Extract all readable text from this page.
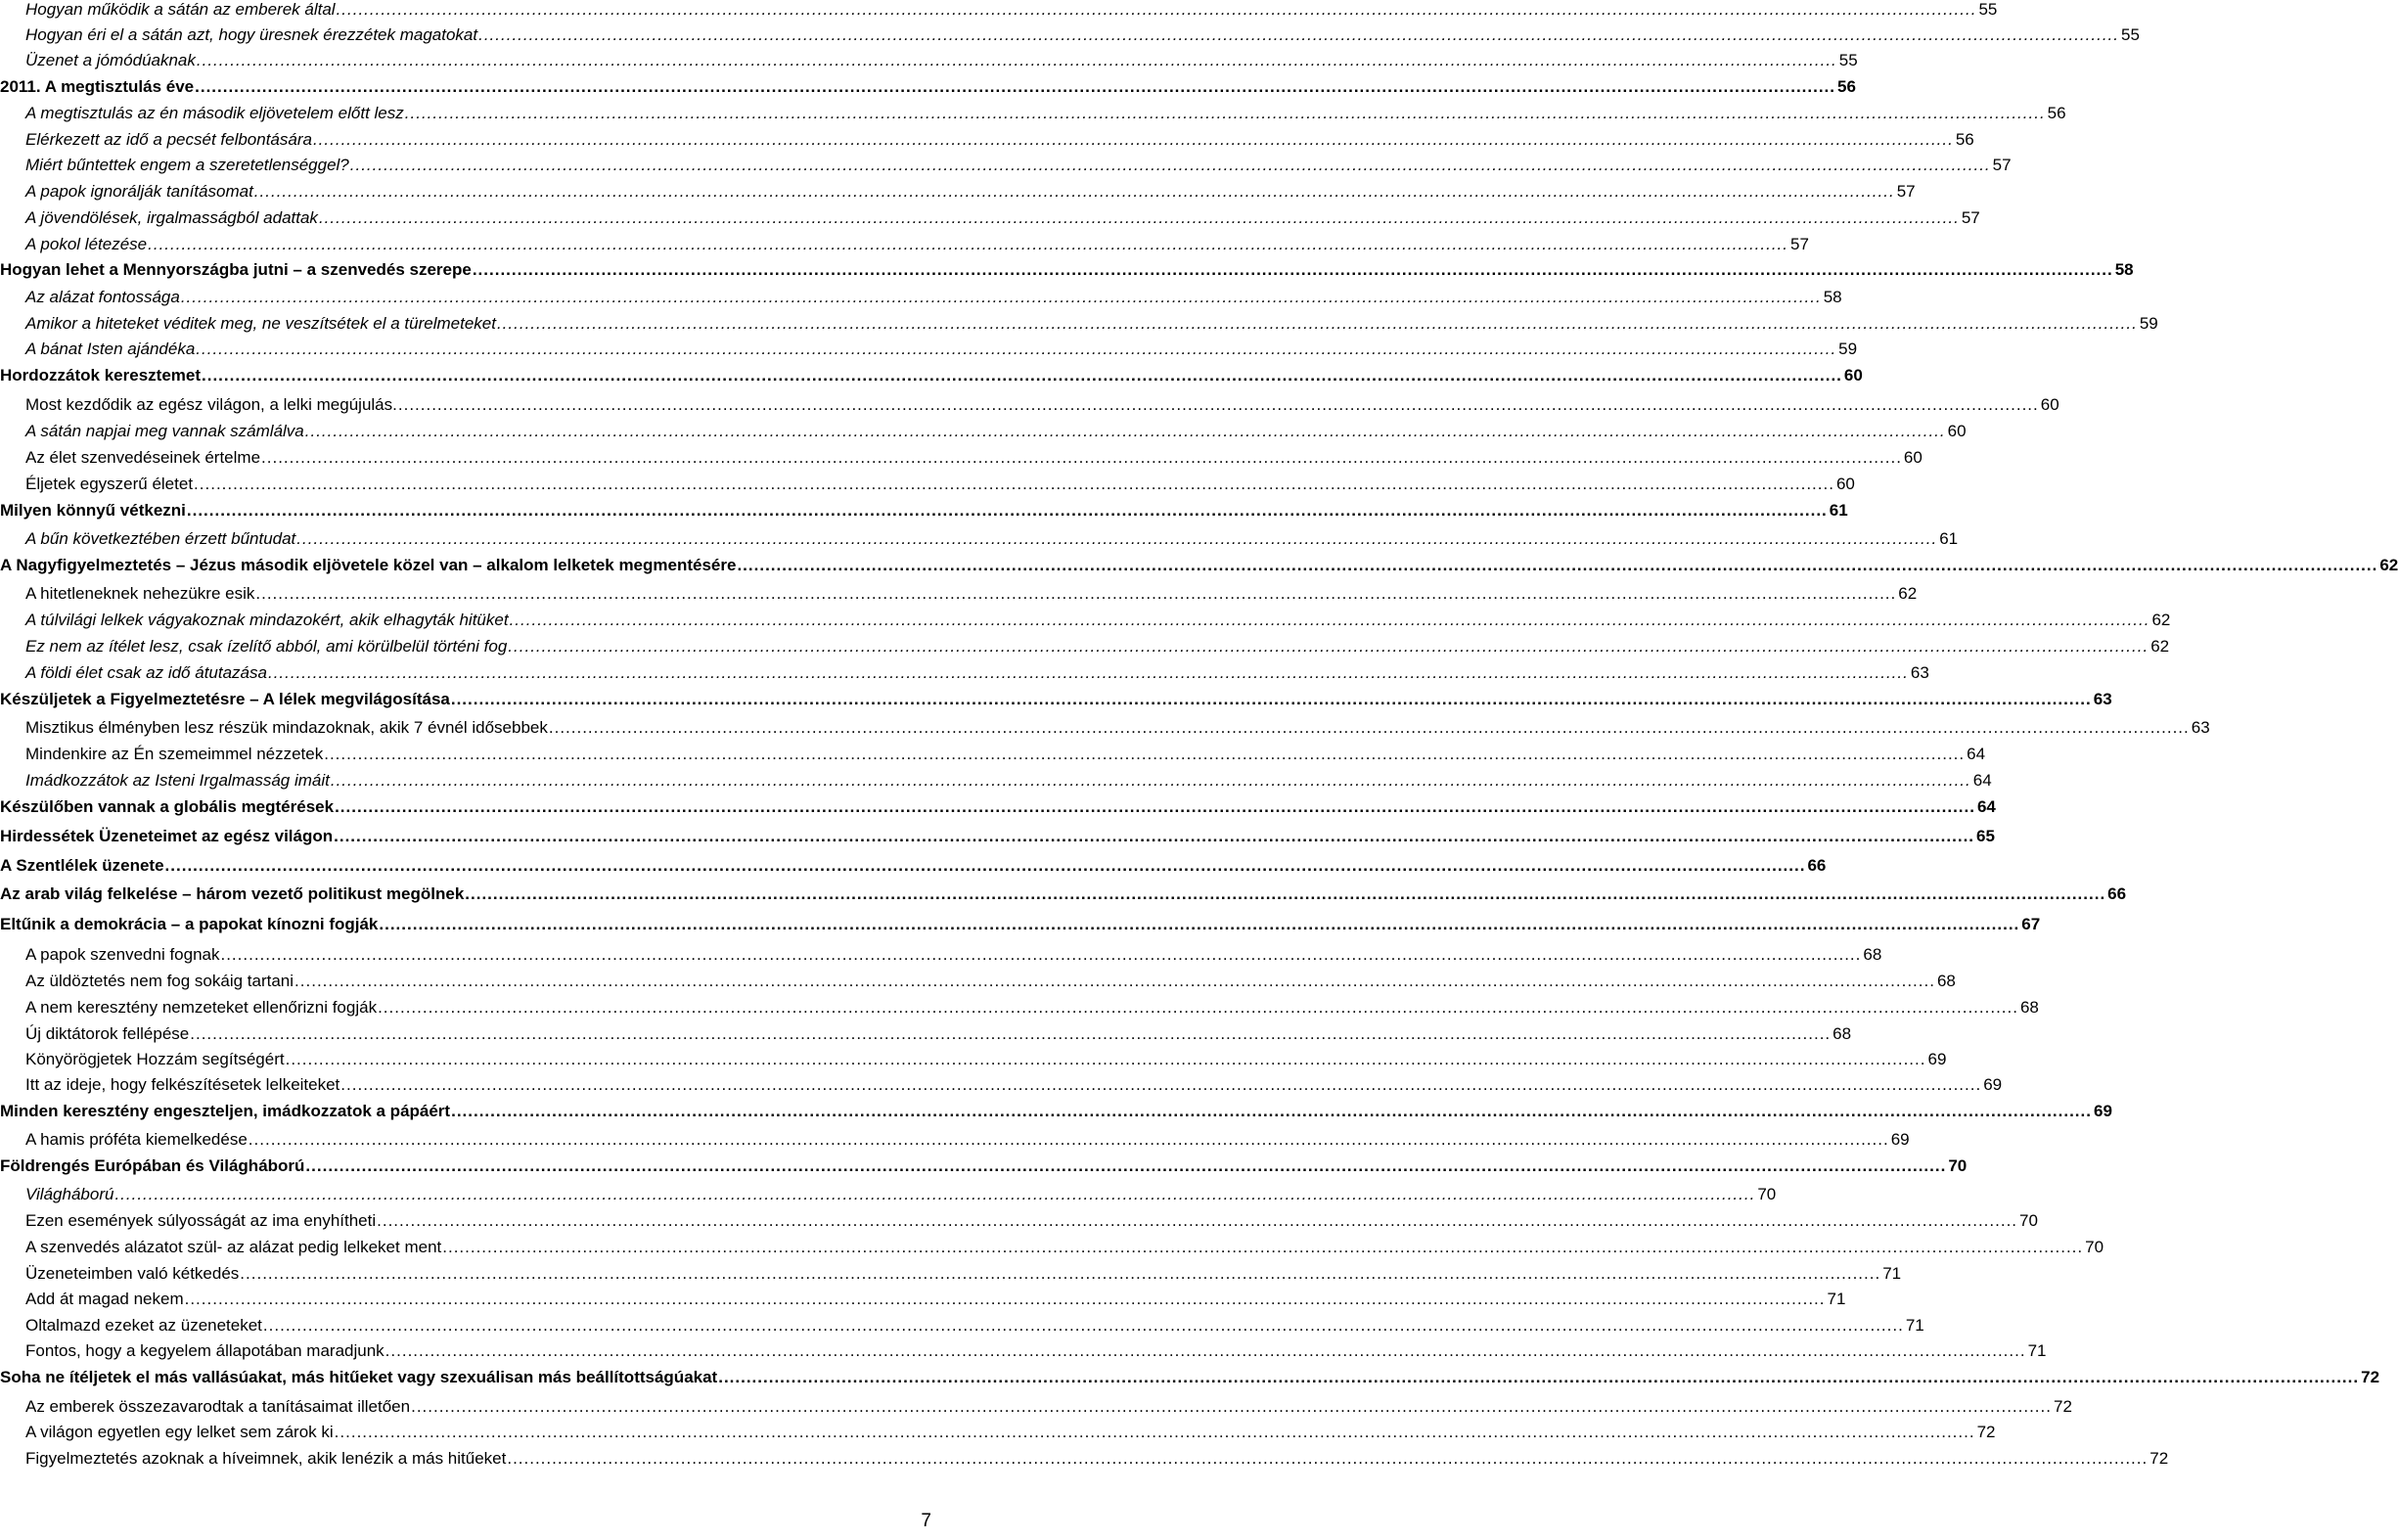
Hogyan működik a sátán az emberek által .....	55
Hogyan éri el a sátán azt, hogy üresnek érezzétek magatokat .....	55
Üzenet a jómódúaknak .....	55
2011. A megtisztulás éve .....	56
A megtisztulás az én második eljövetelem előtt lesz .....	56
Elérkezett az idő a pecsét felbontására .....	56
Miért bűntettek engem a szeretetlenséggel? .....	57
A papok ignorálják tanításomat .....	57
A jövendölések, irgalmasságból adattak .....	57
A pokol létezése .....	57
Hogyan lehet a Mennyországba jutni – a szenvedés szerepe .....	58
Az alázat fontossága .....	58
Amikor a hiteteket véditek meg, ne veszítsétek el a türelmeteket .....	59
A bánat Isten ajándéka .....	59
Hordozzátok keresztemet .....	60
Most kezdődik az egész világon, a lelki megújulás. .....	60
A sátán napjai meg vannak számlálva .....	60
Az élet szenvedéseinek értelme .....	60
Éljetek egyszerű életet .....	60
Milyen könnyű vétkezni .....	61
A bűn következtében érzett bűntudat .....	61
A Nagyfigyelmeztetés – Jézus második eljövetele közel van – alkalom lelketek megmentésére .....	62
A hitetleneknek nehezükre esik .....	62
A túlvilági lelkek vágyakoznak mindazokért, akik elhagyták hitüket .....	62
Ez nem az ítélet lesz, csak ízelítő abból, ami körülbelül történi fog .....	62
A földi élet csak az idő átutazása .....	63
Készüljetek a Figyelmeztetésre – A lélek megvilágosítása .....	63
Misztikus élményben lesz részük mindazoknak, akik 7 évnél idősebbek .....	63
Mindenkire az Én szemeimmel nézzetek .....	64
Imádkozzátok az Isteni Irgalmasság imáit .....	64
Készülőben vannak a globális megtérések .....	64
Hirdessétek Üzeneteimet az egész világon .....	65
A Szentlélek üzenete .....	66
Az arab világ felkelése – három vezető politikust megölnek .....	66
Eltűnik a demokrácia – a papokat kínozni fogják .....	67
A papok szenvedni fognak .....	68
Az üldöztetés nem fog sokáig tartani .....	68
A nem keresztény nemzeteket ellenőrizni fogják .....	68
Új diktátorok fellépése .....	68
Könyörögjetek Hozzám segítségért .....	69
Itt az ideje, hogy felkészítésetek lelkeiteket .....	69
Minden keresztény engeszteljen, imádkozzatok a pápáért .....	69
A hamis próféta kiemelkedése .....	69
Földrengés Európában és Világháború .....	70
Világháború .....	70
Ezen események súlyosságát az ima enyhítheti .....	70
A szenvedés alázatot szül- az alázat pedig lelkeket ment .....	70
Üzeneteimben való kétkedés .....	71
Add át magad nekem .....	71
Oltalmazd ezeket az üzeneteket .....	71
Fontos, hogy a kegyelem állapotában maradjunk .....	71
Soha ne ítéljetek el más vallásúakat, más hitűeket vagy szexuálisan más beállítottságúakat .....	72
Az emberek összezavarodtak a tanításaimat illetően .....	72
A világon egyetlen egy lelket sem zárok ki .....	72
Figyelmeztetés azoknak a híveimnek, akik lenézik a más hitűeket .....	72
7
